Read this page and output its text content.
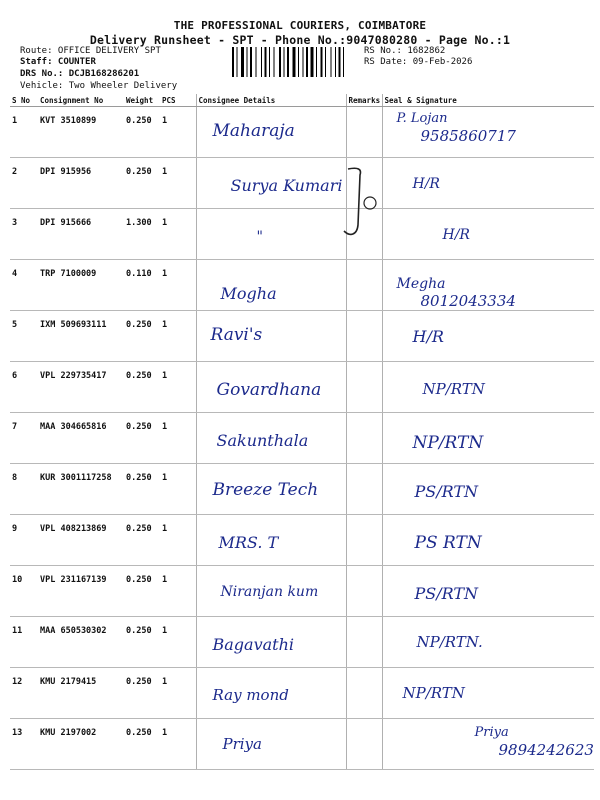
THE PROFESSIONAL COURIERS, COIMBATORE
Delivery Runsheet - SPT - Phone No.:9047080280 - Page No.:1
Route: OFFICE DELIVERY SPT
Staff: COUNTER
DRS No.: DCJB168286201
Vehicle: Two Wheeler Delivery
RS No.: 1682862
RS Date: 09-Feb-2026
S No	Consignment No	Weight	PCS	Consignee Details	Remarks	Seal & Signature
1	KVT 3510899	0.250	1	Maharaja		P. Lojan
9585860717

2	DPI 915956	0.250	1	Surya Kumari		H/R

3	DPI 915666	1.300	1	"		H/R

4	TRP 7100009	0.110	1	Mogha		Megha
8012043334

5	IXM 509693111	0.250	1	Ravi's		H/R

6	VPL 229735417	0.250	1	Govardhana		NP/RTN

7	MAA 304665816	0.250	1	Sakunthala		NP/RTN

8	KUR 3001117258	0.250	1	Breeze Tech		PS/RTN

9	VPL 408213869	0.250	1	MRS. T		PS RTN

10	VPL 231167139	0.250	1	Niranjan kum		PS/RTN

11	MAA 650530302	0.250	1	Bagavathi		NP/RTN.

12	KMU 2179415	0.250	1	Ray mond		NP/RTN

13	KMU 2197002	0.250	1	Priya		Priya
9894242623
